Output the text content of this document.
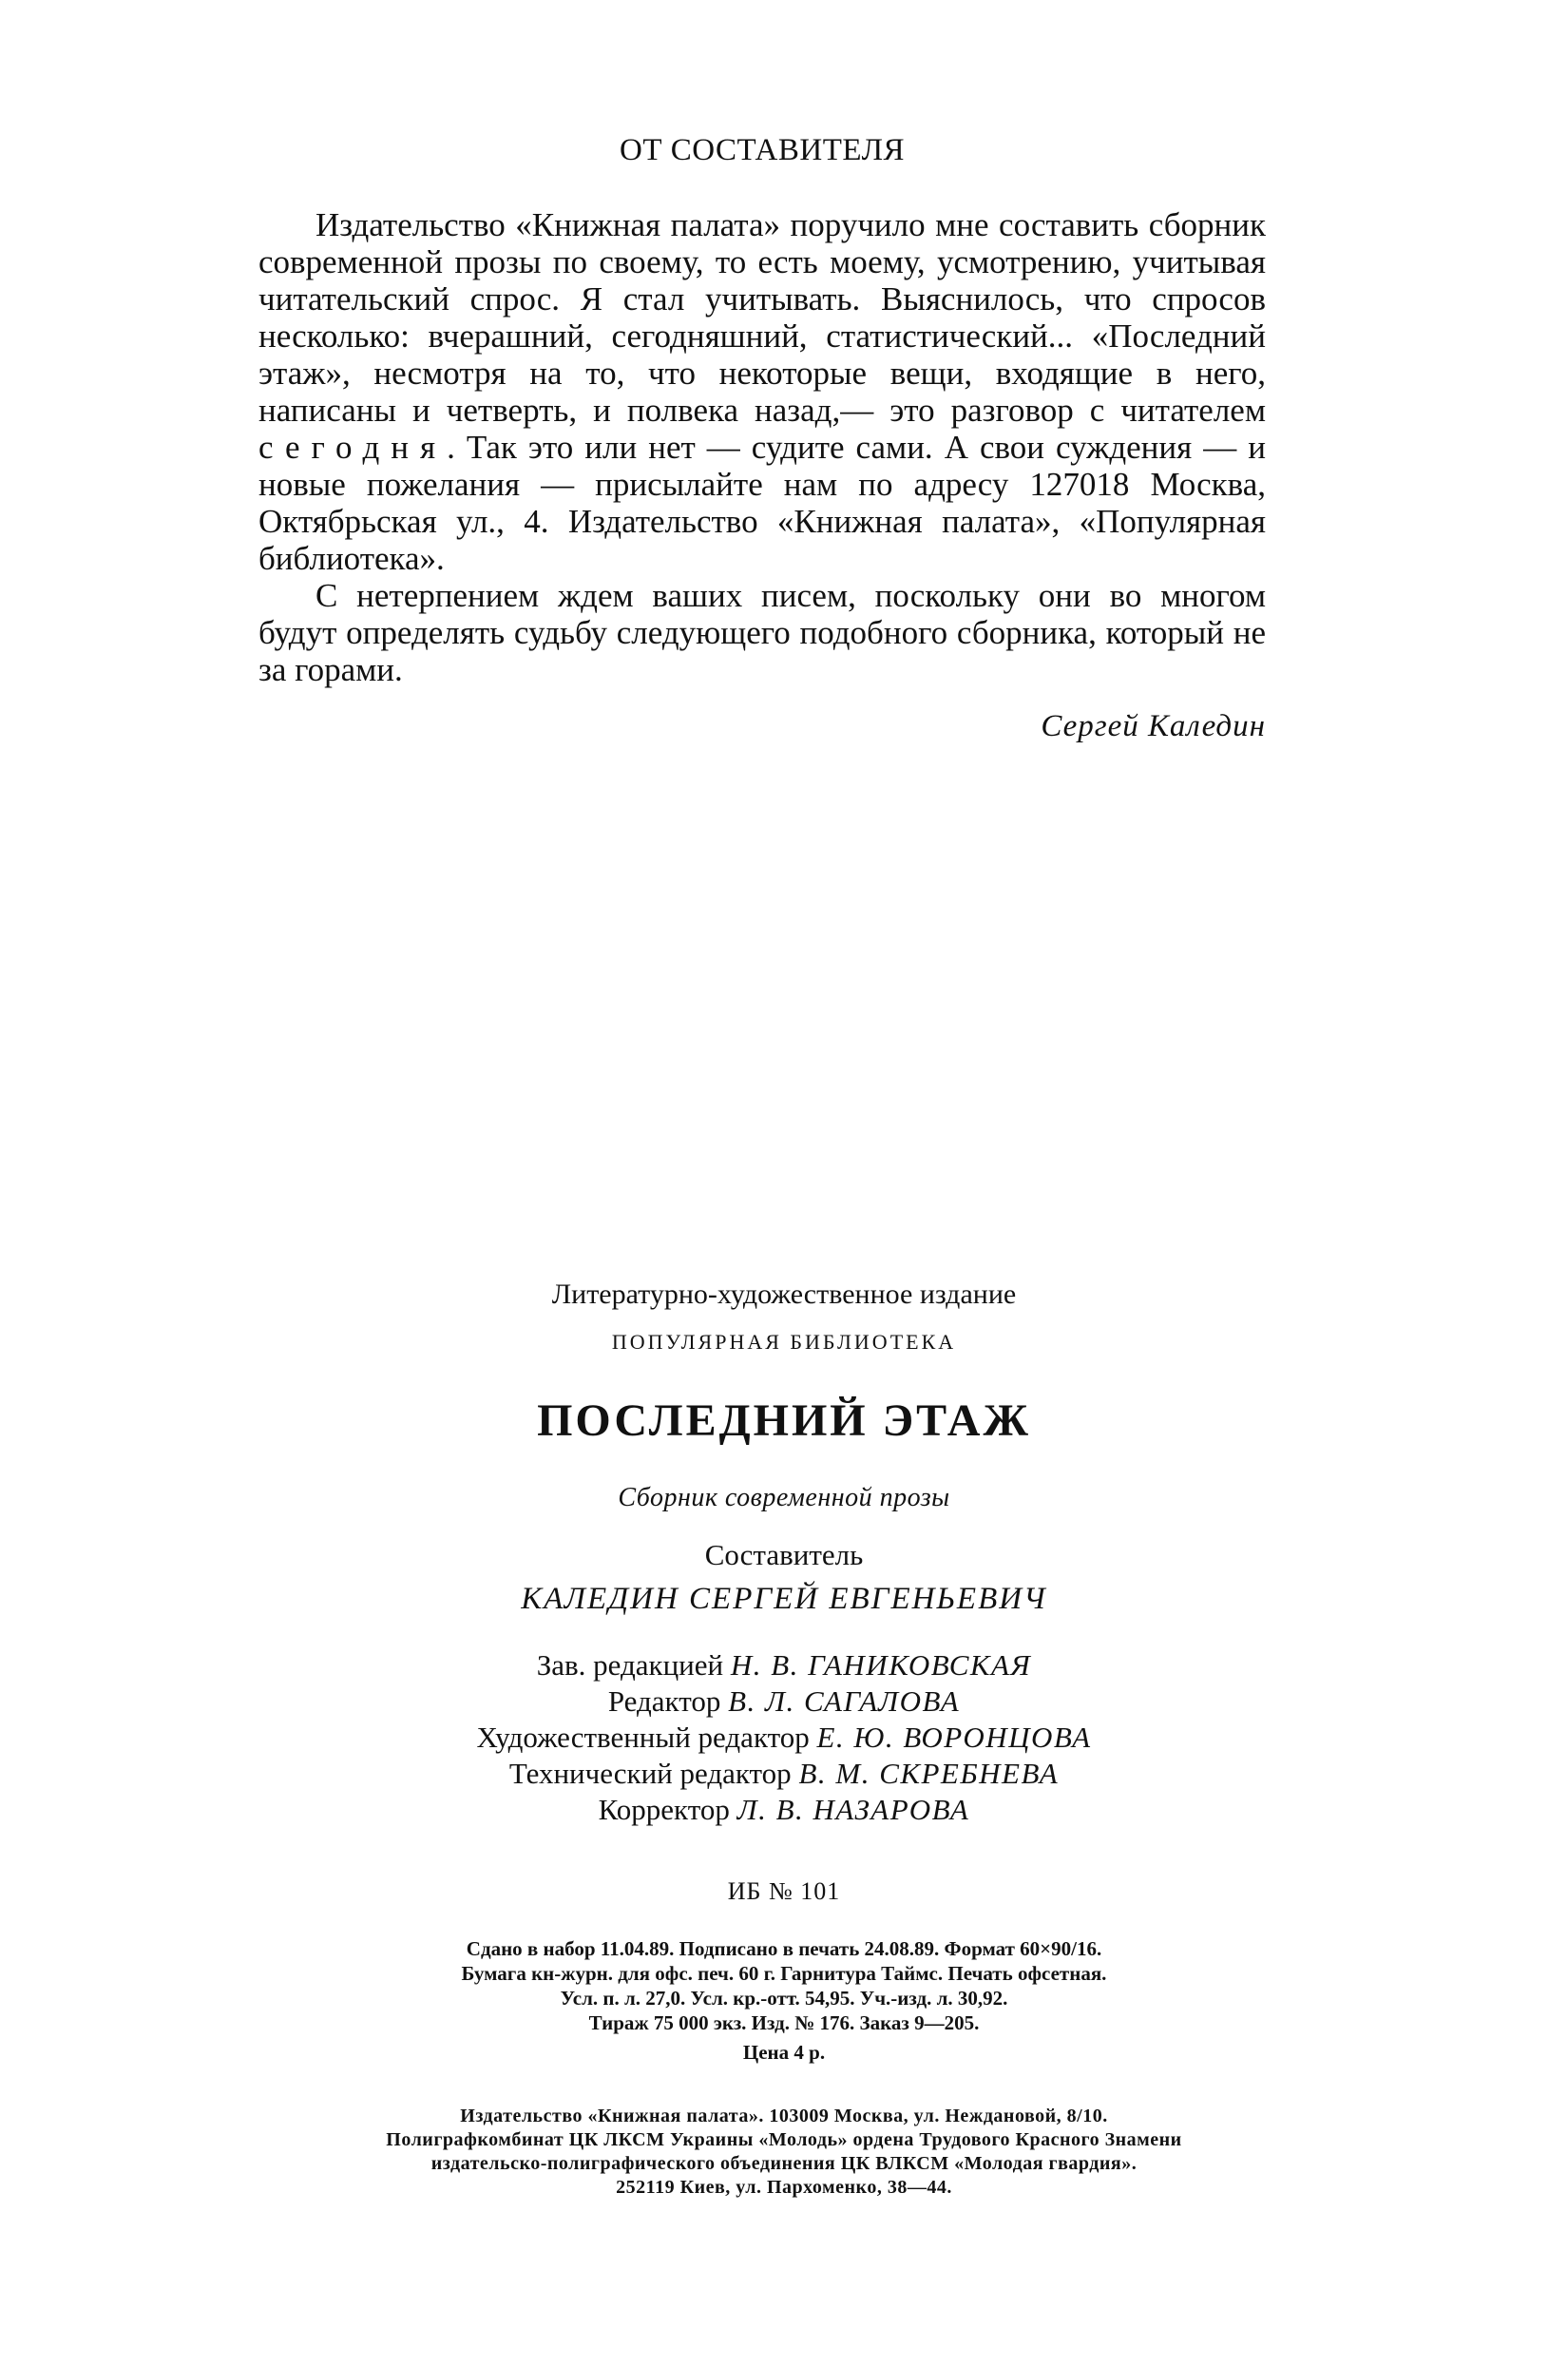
ОТ СОСТАВИТЕЛЯ

Издательство «Книжная палата» поручило мне составить сборник современной прозы по своему, то есть моему, усмотрению, учитывая читательский спрос. Я стал учитывать. Выяснилось, что спросов несколько: вчерашний, сегодняшний, статистический... «Последний этаж», несмотря на то, что некоторые вещи, входящие в него, написаны и четверть, и полвека назад,— это разговор с читателем сегодня. Так это или нет — судите сами. А свои суждения — и новые пожелания — присылайте нам по адресу 127018 Москва, Октябрьская ул., 4. Издательство «Книжная палата», «Популярная библиотека».

С нетерпением ждем ваших писем, поскольку они во многом будут определять судьбу следующего подобного сборника, который не за горами.

Сергей Каледин
Литературно-художественное издание
ПОПУЛЯРНАЯ БИБЛИОТЕКА
ПОСЛЕДНИЙ ЭТАЖ
Сборник современной прозы
Составитель
КАЛЕДИН СЕРГЕЙ ЕВГЕНЬЕВИЧ
Зав. редакцией Н. В. ГАНИКОВСКАЯ
Редактор В. Л. САГАЛОВА
Художественный редактор Е. Ю. ВОРОНЦОВА
Технический редактор В. М. СКРЕБНЕВА
Корректор Л. В. НАЗАРОВА
ИБ № 101
Сдано в набор 11.04.89. Подписано в печать 24.08.89. Формат 60×90/16.
Бумага кн-журн. для офс. печ. 60 г. Гарнитура Таймс. Печать офсетная.
Усл. п. л. 27,0. Усл. кр.-отт. 54,95. Уч.-изд. л. 30,92.
Тираж 75 000 экз. Изд. № 176. Заказ 9—205.
Цена 4 р.
Издательство «Книжная палата». 103009 Москва, ул. Неждановой, 8/10.
Полиграфкомбинат ЦК ЛКСМ Украины «Молодь» ордена Трудового Красного Знамени
издательско-полиграфического объединения ЦК ВЛКСМ «Молодая гвардия».
252119 Киев, ул. Пархоменко, 38—44.
